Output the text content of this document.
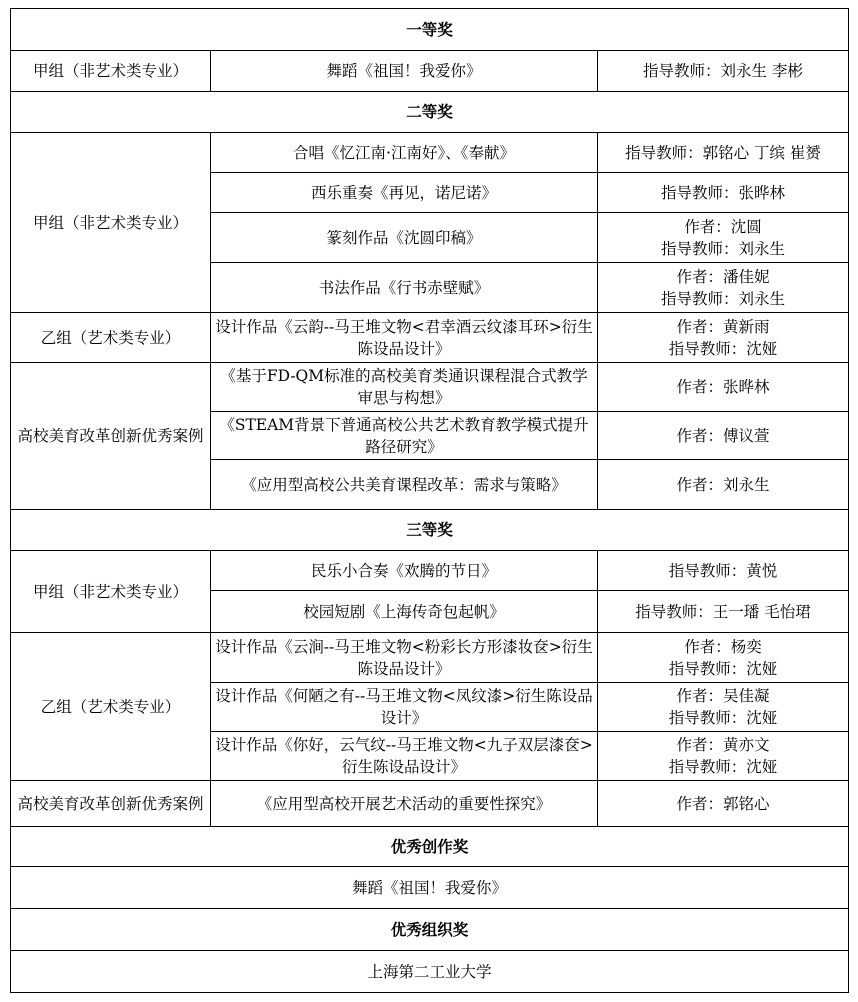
一等奖		
甲组（非艺术类专业）	舞蹈《祖国！我爱你》	指导教师：刘永生 李彬

二等奖		
甲组（非艺术类专业）	合唱《忆江南·江南好》、《奉献》	指导教师：郭铭心 丁缤 崔赟

	西乐重奏《再见，诺尼诺》	指导教师：张晔林

	篆刻作品《沈圆印稿》	作者：沈圆
指导教师：刘永生

	书法作品《行书赤壁赋》	作者：潘佳妮
指导教师：刘永生

乙组（艺术类专业）	设计作品《云韵--马王堆文物<君幸酒云纹漆耳环>衍生陈设品设计》	作者：黄新雨
指导教师：沈娅

高校美育改革创新优秀案例	《基于FD-QM标准的高校美育类通识课程混合式教学审思与构想》	作者：张晔林

	《STEAM背景下普通高校公共艺术教育教学模式提升路径研究》	作者：傅议萱

	《应用型高校公共美育课程改革：需求与策略》	作者：刘永生

三等奖		
甲组（非艺术类专业）	民乐小合奏《欢腾的节日》	指导教师：黄悦

	校园短剧《上海传奇包起帆》	指导教师：王一璠 毛怡珺

乙组（艺术类专业）	设计作品《云涧--马王堆文物<粉彩长方形漆妆奁>衍生陈设品设计》	作者：杨奕
指导教师：沈娅

	设计作品《何陋之有--马王堆文物<凤纹漆>衍生陈设品设计》	作者：吴佳凝
指导教师：沈娅

	设计作品《你好，云气纹--马王堆文物<九子双层漆奁>衍生陈设品设计》	作者：黄亦文
指导教师：沈娅

高校美育改革创新优秀案例	《应用型高校开展艺术活动的重要性探究》	作者：郭铭心

优秀创作奖		
舞蹈《祖国！我爱你》		
优秀组织奖		
上海第二工业大学		
